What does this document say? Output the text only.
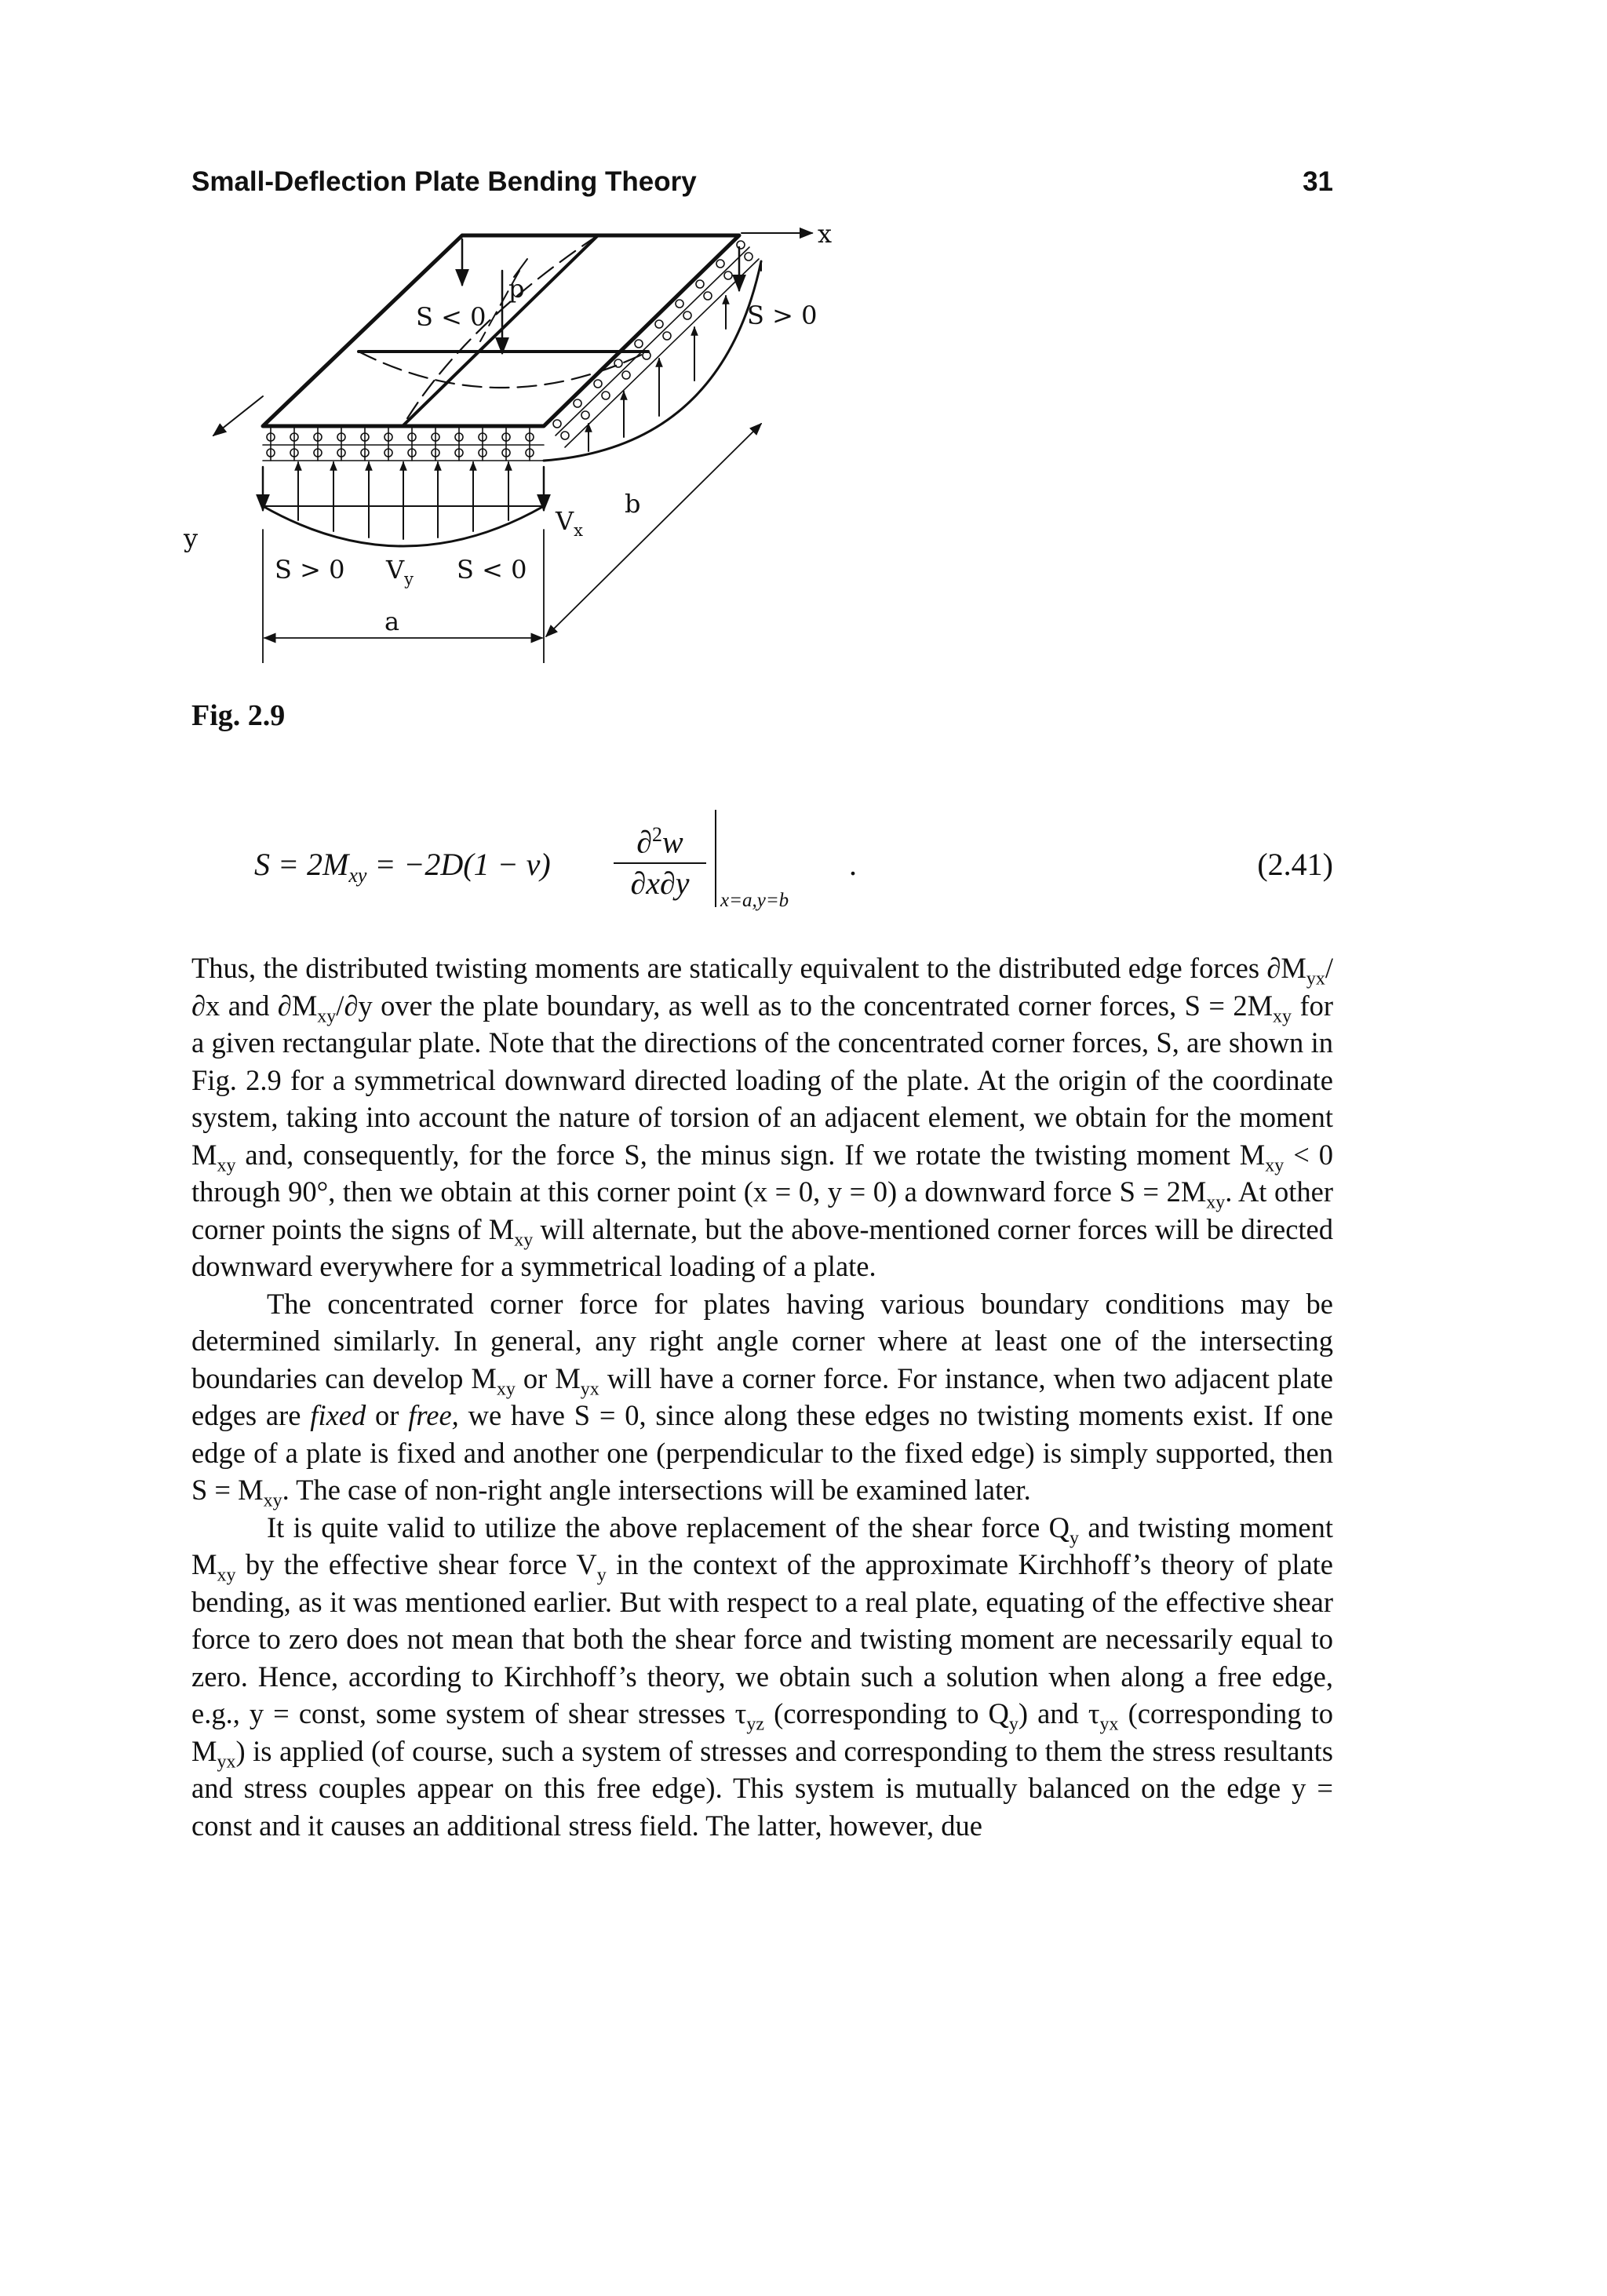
Small-Deflection Plate Bending Theory	31
x
y
p
S < 0	S > 0
S > 0	S < 0
$V_x$
$V_y$
a
b
Fig. 2.9
$S = 2M_{xy} = -2D(1 - \nu)$
∂$^2$w
∂x∂y	x=a,y=b
.	(2.41)

Thus, the distributed twisting moments are statically equivalent to the distributed edge forces $\partial M_{yx}/\partial x$ and $\partial M_{xy}/\partial y$ over the plate boundary, as well as to the concentrated corner forces, $S = 2M_{xy}$ for a given rectangular plate. Note that the directions of the concentrated corner forces, S, are shown in Fig. 2.9 for a symmetrical downward directed loading of the plate. At the origin of the coordinate system, taking into account the nature of torsion of an adjacent element, we obtain for the moment $M_{xy}$ and, consequently, for the force S, the minus sign. If we rotate the twisting moment $M_{xy} < 0$ through 90°, then we obtain at this corner point (x = 0, y = 0) a downward force $S = 2M_{xy}$. At other corner points the signs of $M_{xy}$ will alternate, but the above-mentioned corner forces will be directed downward everywhere for a symmetrical loading of a plate.

The concentrated corner force for plates having various boundary conditions may be determined similarly. In general, any right angle corner where at least one of the intersecting boundaries can develop $M_{xy}$ or $M_{yx}$ will have a corner force. For instance, when two adjacent plate edges are fixed or free, we have S = 0, since along these edges no twisting moments exist. If one edge of a plate is fixed and another one (perpendicular to the fixed edge) is simply supported, then $S = M_{xy}$. The case of non-right angle intersections will be examined later.

It is quite valid to utilize the above replacement of the shear force $Q_y$ and twisting moment $M_{xy}$ by the effective shear force $V_y$ in the context of the approximate Kirchhoff’s theory of plate bending, as it was mentioned earlier. But with respect to a real plate, equating of the effective shear force to zero does not mean that both the shear force and twisting moment are necessarily equal to zero. Hence, according to Kirchhoff’s theory, we obtain such a solution when along a free edge, e.g., y = const, some system of shear stresses $\tau_{yz}$ (corresponding to $Q_y$) and $\tau_{yx}$ (corresponding to $M_{yx}$) is applied (of course, such a system of stresses and corresponding to them the stress resultants and stress couples appear on this free edge). This system is mutually balanced on the edge y = const and it causes an additional stress field. The latter, however, due
